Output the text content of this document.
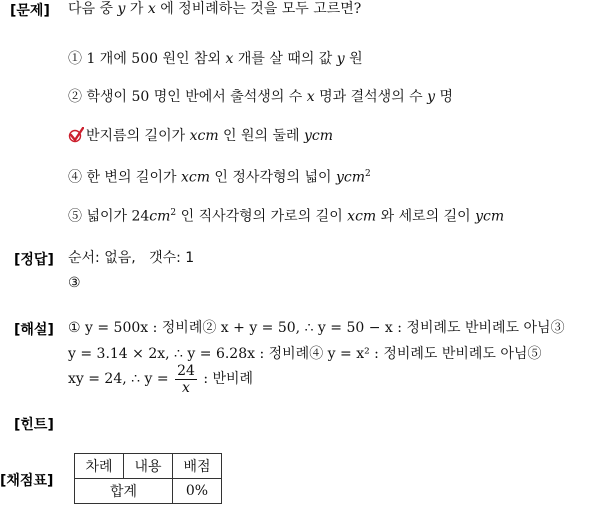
[문제]
[정답]
[해설]
[힌트]
[채점표]
다음 중 y 가 x 에 정비례하는 것을 모두 고르면?
① 1 개에 500 원인 참외 x 개를 살 때의 값 y 원
② 학생이 50 명인 반에서 출석생의 수 x 명과 결석생의 수 y 명
반지름의 길이가 xcm 인 원의 둘레 ycm
④ 한 변의 길이가 xcm 인 정사각형의 넓이 ycm$^2$
⑤ 넓이가 $24cm^2$ 인 직사각형의 가로의 길이 xcm 와 세로의 길이 ycm
순서: 없음, 갯수: 1
③
① y = 500x : 정비례② x + y = 50, ∴ y = 50 − x : 정비례도 반비례도 아님③
y = 3.14 × 2x, ∴ y = 6.28x : 정비례④ y = x² : 정비례도 반비례도 아님⑤
xy = 24, ∴ $y = \frac{24}{x}$ : 반비례
차례	내용	배점
합계		0%
